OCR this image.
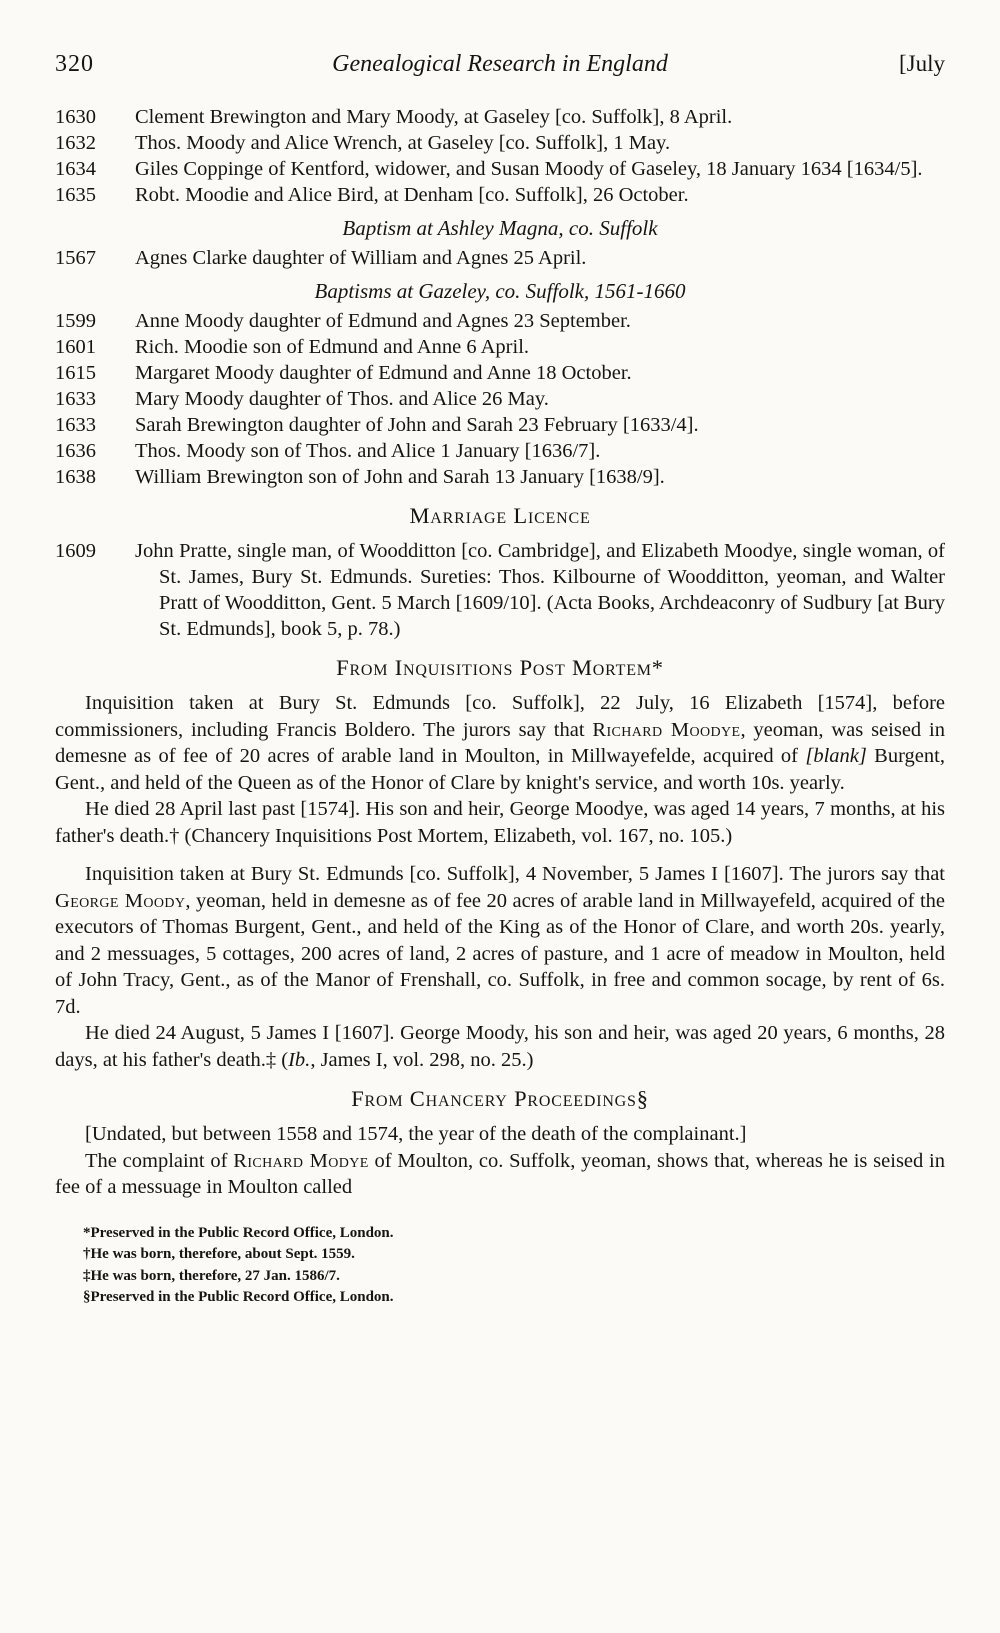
320	Genealogical Research in England	[July
1630	Clement Brewington and Mary Moody, at Gaseley [co. Suffolk], 8 April.
1632	Thos. Moody and Alice Wrench, at Gaseley [co. Suffolk], 1 May.
1634	Giles Coppinge of Kentford, widower, and Susan Moody of Gaseley, 18 January 1634 [1634/5].
1635	Robt. Moodie and Alice Bird, at Denham [co. Suffolk], 26 October.
Baptism at Ashley Magna, co. Suffolk
1567	Agnes Clarke daughter of William and Agnes 25 April.
Baptisms at Gazeley, co. Suffolk, 1561-1660
1599	Anne Moody daughter of Edmund and Agnes 23 September.
1601	Rich. Moodie son of Edmund and Anne 6 April.
1615	Margaret Moody daughter of Edmund and Anne 18 October.
1633	Mary Moody daughter of Thos. and Alice 26 May.
1633	Sarah Brewington daughter of John and Sarah 23 February [1633/4].
1636	Thos. Moody son of Thos. and Alice 1 January [1636/7].
1638	William Brewington son of John and Sarah 13 January [1638/9].
Marriage Licence
1609	John Pratte, single man, of Woodditton [co. Cambridge], and Elizabeth Moodye, single woman, of St. James, Bury St. Edmunds. Sureties: Thos. Kilbourne of Woodditton, yeoman, and Walter Pratt of Woodditton, Gent. 5 March [1609/10]. (Acta Books, Archdeaconry of Sudbury [at Bury St. Edmunds], book 5, p. 78.)
From Inquisitions Post Mortem*

Inquisition taken at Bury St. Edmunds [co. Suffolk], 22 July, 16 Elizabeth [1574], before commissioners, including Francis Boldero. The jurors say that Richard Moodye, yeoman, was seised in demesne as of fee of 20 acres of arable land in Moulton, in Millwayefelde, acquired of [blank] Burgent, Gent., and held of the Queen as of the Honor of Clare by knight's service, and worth 10s. yearly.

He died 28 April last past [1574]. His son and heir, George Moodye, was aged 14 years, 7 months, at his father's death.† (Chancery Inquisitions Post Mortem, Elizabeth, vol. 167, no. 105.)

Inquisition taken at Bury St. Edmunds [co. Suffolk], 4 November, 5 James I [1607]. The jurors say that George Moody, yeoman, held in demesne as of fee 20 acres of arable land in Millwayefeld, acquired of the executors of Thomas Burgent, Gent., and held of the King as of the Honor of Clare, and worth 20s. yearly, and 2 messuages, 5 cottages, 200 acres of land, 2 acres of pasture, and 1 acre of meadow in Moulton, held of John Tracy, Gent., as of the Manor of Frenshall, co. Suffolk, in free and common socage, by rent of 6s. 7d.

He died 24 August, 5 James I [1607]. George Moody, his son and heir, was aged 20 years, 6 months, 28 days, at his father's death.‡ (Ib., James I, vol. 298, no. 25.)

From Chancery Proceedings§

[Undated, but between 1558 and 1574, the year of the death of the complainant.]

The complaint of Richard Modye of Moulton, co. Suffolk, yeoman, shows that, whereas he is seised in fee of a messuage in Moulton called

*Preserved in the Public Record Office, London.

†He was born, therefore, about Sept. 1559.

‡He was born, therefore, 27 Jan. 1586/7.

§Preserved in the Public Record Office, London.
